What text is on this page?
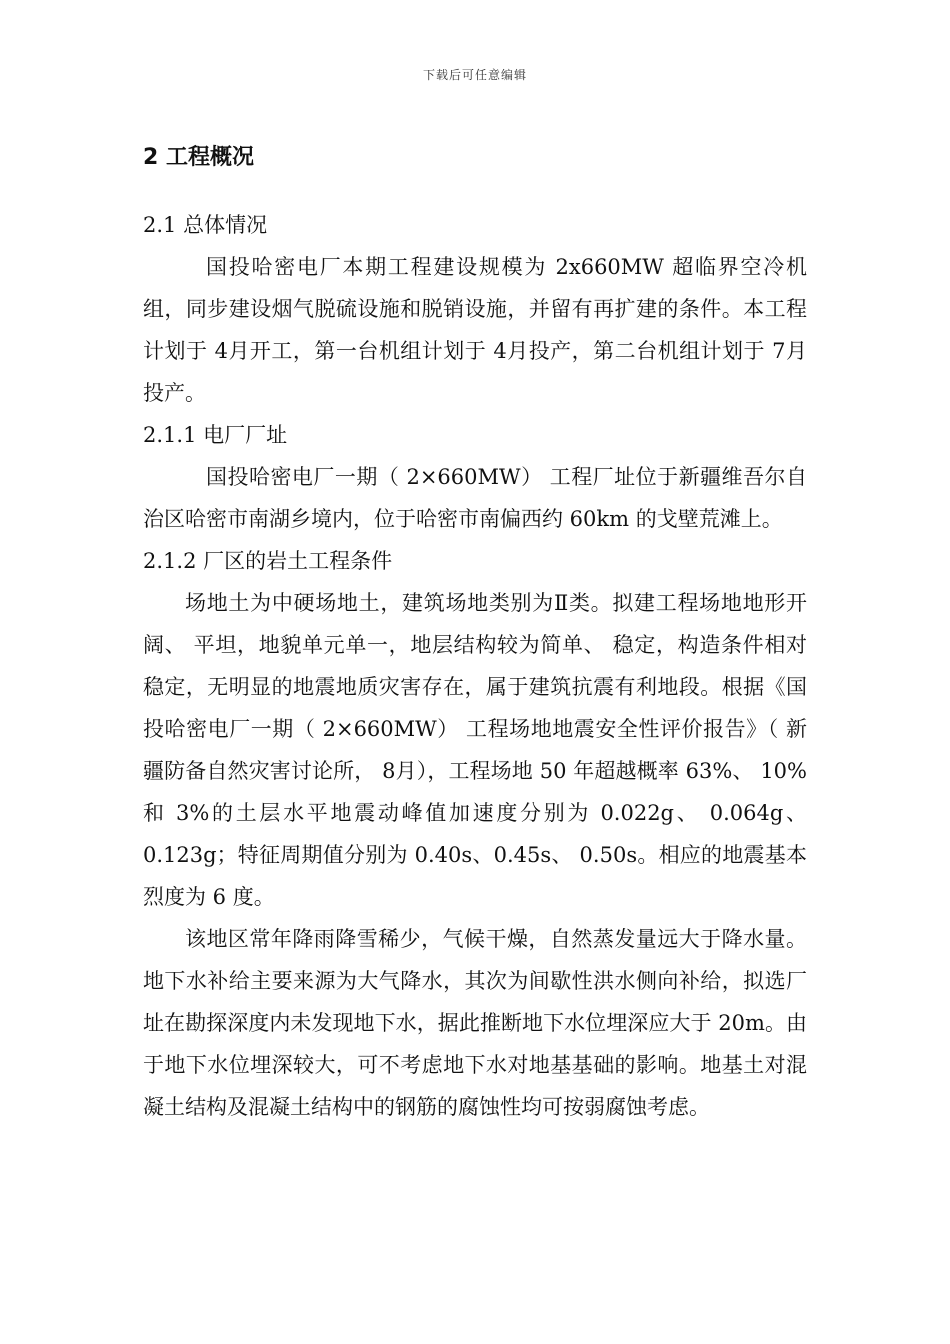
下载后可任意编辑
2 工程概况

2.1 总体情况

国投哈密电厂本期工程建设规模为 2x660MW 超临界空冷机组，同步建设烟气脱硫设施和脱销设施，并留有再扩建的条件。本工程计划于 4月开工，第一台机组计划于 4月投产，第二台机组计划于 7月投产。

2.1.1 电厂厂址

国投哈密电厂一期（ 2×660MW） 工程厂址位于新疆维吾尔自治区哈密市南湖乡境内，位于哈密市南偏西约 60km 的戈壁荒滩上。

2.1.2 厂区的岩土工程条件

场地土为中硬场地土，建筑场地类别为Ⅱ类。拟建工程场地地形开阔、 平坦，地貌单元单一，地层结构较为简单、 稳定，构造条件相对稳定，无明显的地震地质灾害存在，属于建筑抗震有利地段。根据《国投哈密电厂一期（ 2×660MW） 工程场地地震安全性评价报告》（ 新疆防备自然灾害讨论所， 8月），工程场地 50 年超越概率 63%、 10%和 3%的土层水平地震动峰值加速度分别为 0.022g、 0.064g、 0.123g；特征周期值分别为 0.40s、0.45s、 0.50s。相应的地震基本烈度为 6 度。

该地区常年降雨降雪稀少，气候干燥，自然蒸发量远大于降水量。地下水补给主要来源为大气降水，其次为间歇性洪水侧向补给，拟选厂址在勘探深度内未发现地下水，据此推断地下水位埋深应大于 20m。由于地下水位埋深较大，可不考虑地下水对地基基础的影响。地基土对混凝土结构及混凝土结构中的钢筋的腐蚀性均可按弱腐蚀考虑。
